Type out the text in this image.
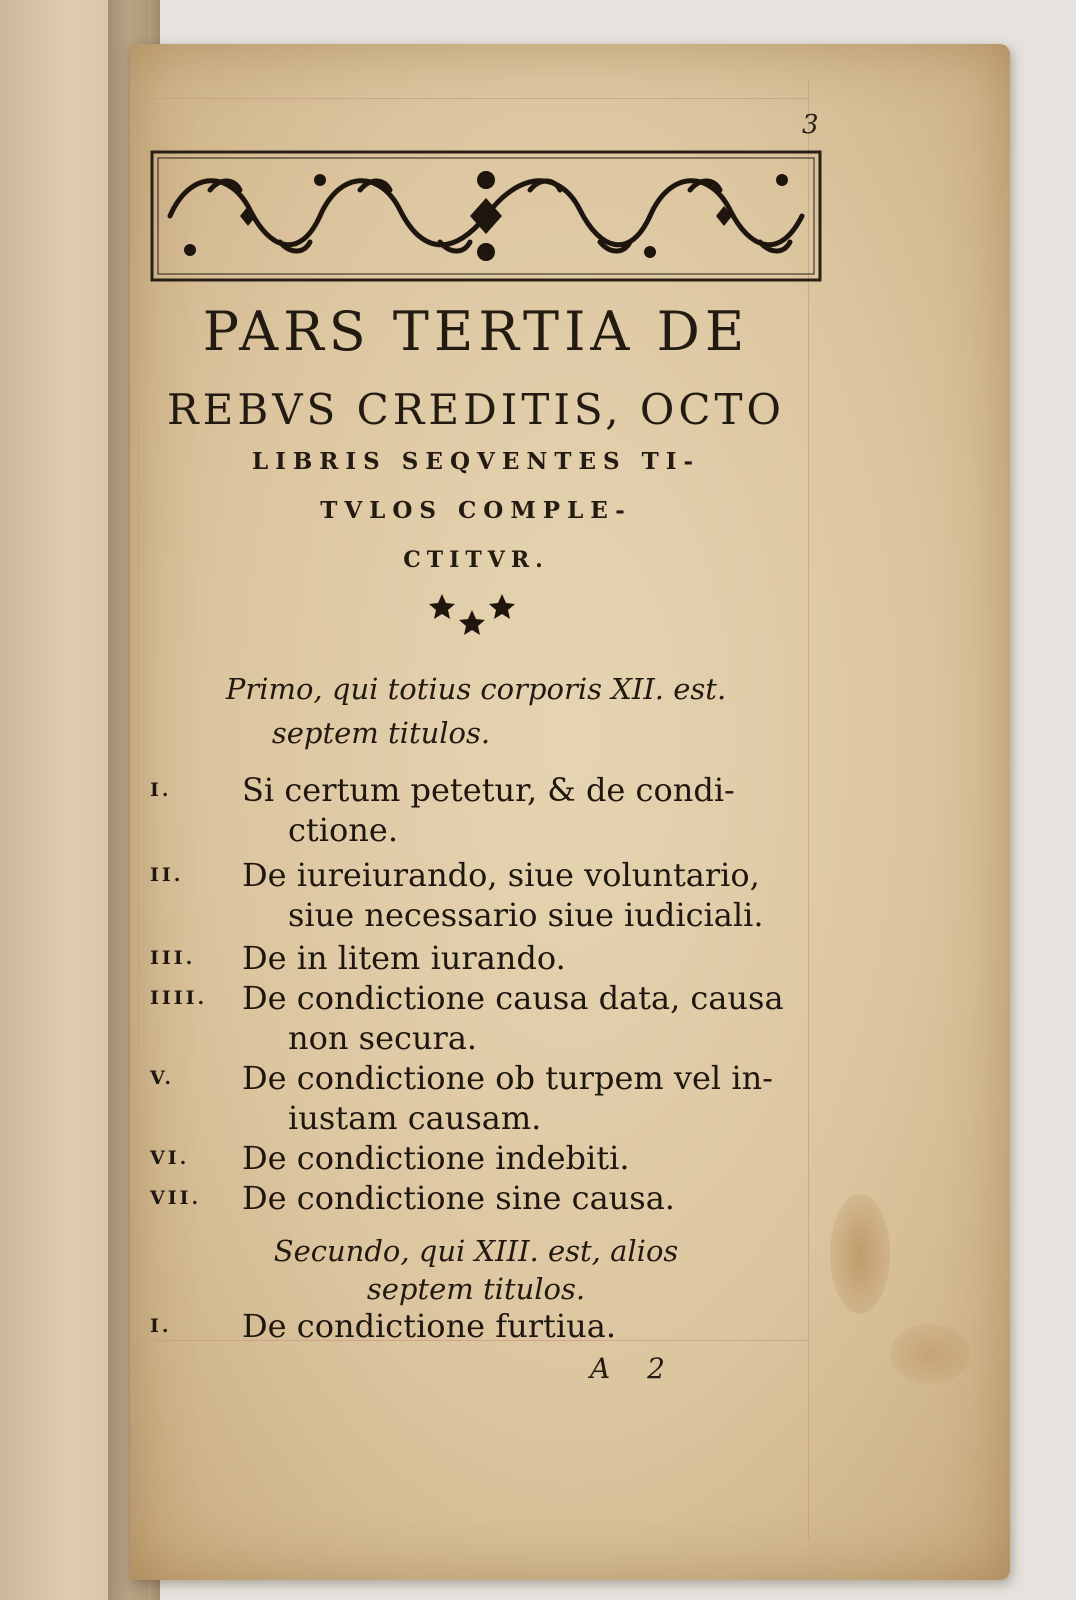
3
PARS TERTIA DE
REBVS CREDITIS, OCTO
LIBRIS SEQVENTES TI-
TVLOS COMPLE-
CTITVR.
Primo, qui totius corporis XII. est.
septem titulos.
I.	Si certum petetur, & de condi-
ctione.
II.	De iureiurando, siue voluntario,
siue necessario siue iudiciali.
III.	De in litem iurando.
IIII.	De condictione causa data, causa
non secura.
V.	De condictione ob turpem vel in-
iustam causam.
VI.	De condictione indebiti.
VII.	De condictione sine causa.
Secundo, qui XIII. est, alios
septem titulos.
I.	De condictione furtiua.
A 2
